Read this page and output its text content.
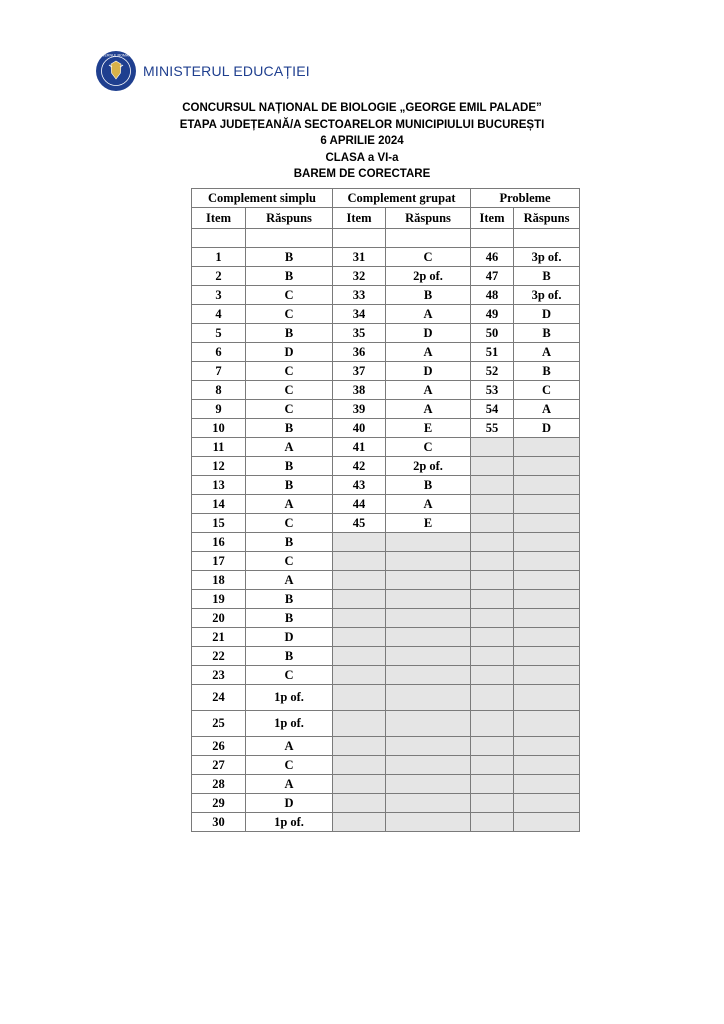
GUVERNUL ROMÂNIEI
MINISTERUL EDUCAȚIEI
CONCURSUL NAȚIONAL DE BIOLOGIE „GEORGE EMIL PALADE”
ETAPA JUDEȚEANĂ/A SECTOARELOR MUNICIPIULUI BUCUREȘTI
6 APRILIE 2024
CLASA a VI-a
BAREM DE CORECTARE
Complement simplu		Complement grupat		Probleme	
Item	Răspuns	Item	Răspuns	Item	Răspuns

1	B	31	C	46	3p of.
2	B	32	2p of.	47	B
3	C	33	B	48	3p of.
4	C	34	A	49	D
5	B	35	D	50	B
6	D	36	A	51	A
7	C	37	D	52	B
8	C	38	A	53	C
9	C	39	A	54	A
10	B	40	E	55	D
11	A	41	C		
12	B	42	2p of.		
13	B	43	B		
14	A	44	A		
15	C	45	E		
16	B				
17	C				
18	A				
19	B				
20	B				
21	D				
22	B				
23	C				
24	1p of.				
25	1p of.				
26	A				
27	C				
28	A				
29	D				
30	1p of.				
